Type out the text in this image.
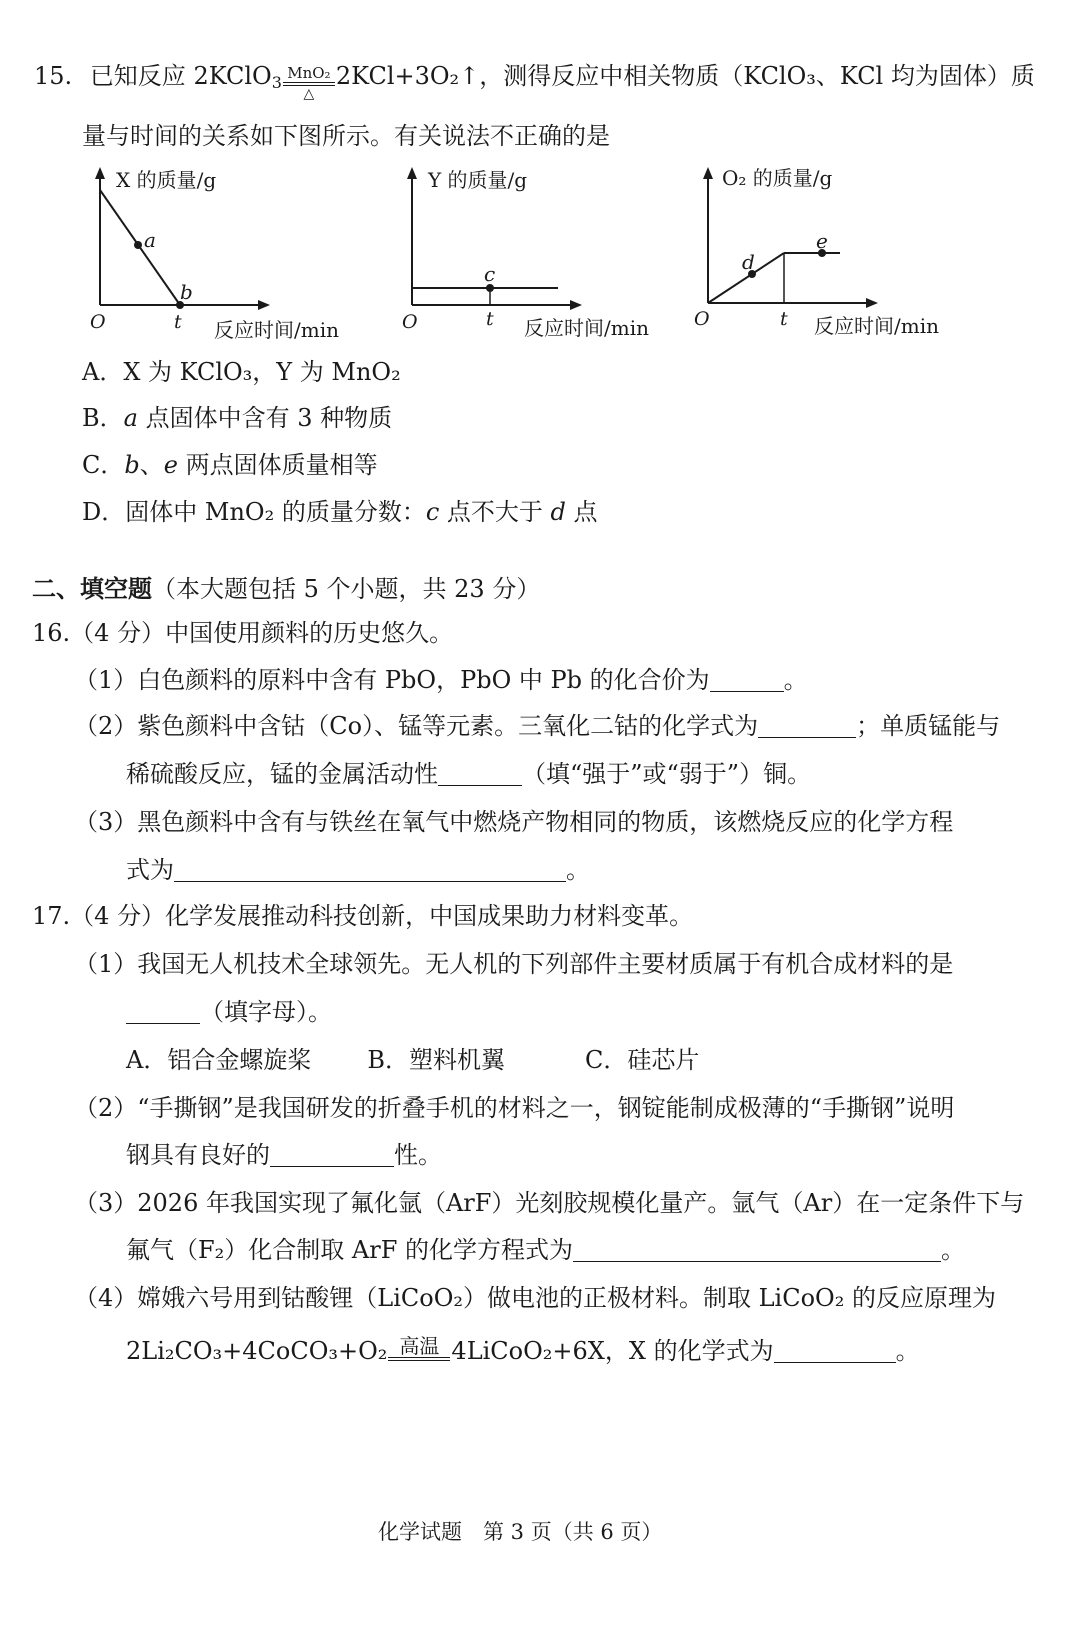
15. 已知反应 2KClO3 MnO₂
△
2KCl+3O₂↑，测得反应中相关物质（KClO₃、KCl 均为固体）质
量与时间的关系如下图所示。有关说法不正确的是
X 的质量/g
a
b
O	t 反应时间/min
Y 的质量/g
c
O	t 反应时间/min
O₂ 的质量/g
d
e
O	t 反应时间/min
A．X 为 KClO₃，Y 为 MnO₂
B．a 点固体中含有 3 种物质
C．b、e 两点固体质量相等
D．固体中 MnO₂ 的质量分数：c 点不大于 d 点
二、填空题（本大题包括 5 个小题，共 23 分）
16.（4 分）中国使用颜料的历史悠久。
（1）白色颜料的原料中含有 PbO，PbO 中 Pb 的化合价为	。
（2）紫色颜料中含钴（Co）、锰等元素。三氧化二钴的化学式为	；单质锰能与
稀硫酸反应，锰的金属活动性	（填“强于”或“弱于”）铜。
（3）黑色颜料中含有与铁丝在氧气中燃烧产物相同的物质，该燃烧反应的化学方程
式为	。
17.（4 分）化学发展推动科技创新，中国成果助力材料变革。
（1）我国无人机技术全球领先。无人机的下列部件主要材质属于有机合成材料的是
（填字母）。
A．铝合金螺旋桨 B．塑料机翼	C．硅芯片
（2）“手撕钢”是我国研发的折叠手机的材料之一，钢锭能制成极薄的“手撕钢”说明
钢具有良好的	性。
（3）2026 年我国实现了氟化氩（ArF）光刻胶规模化量产。氩气（Ar）在一定条件下与
氟气（F₂）化合制取 ArF 的化学方程式为	。
（4）嫦娥六号用到钴酸锂（LiCoO₂）做电池的正极材料。制取 LiCoO₂ 的反应原理为
2Li₂CO₃+4CoCO₃+O₂ 高温 4LiCoO₂+6X，X 的化学式为	。
化学试题　第 3 页（共 6 页）
